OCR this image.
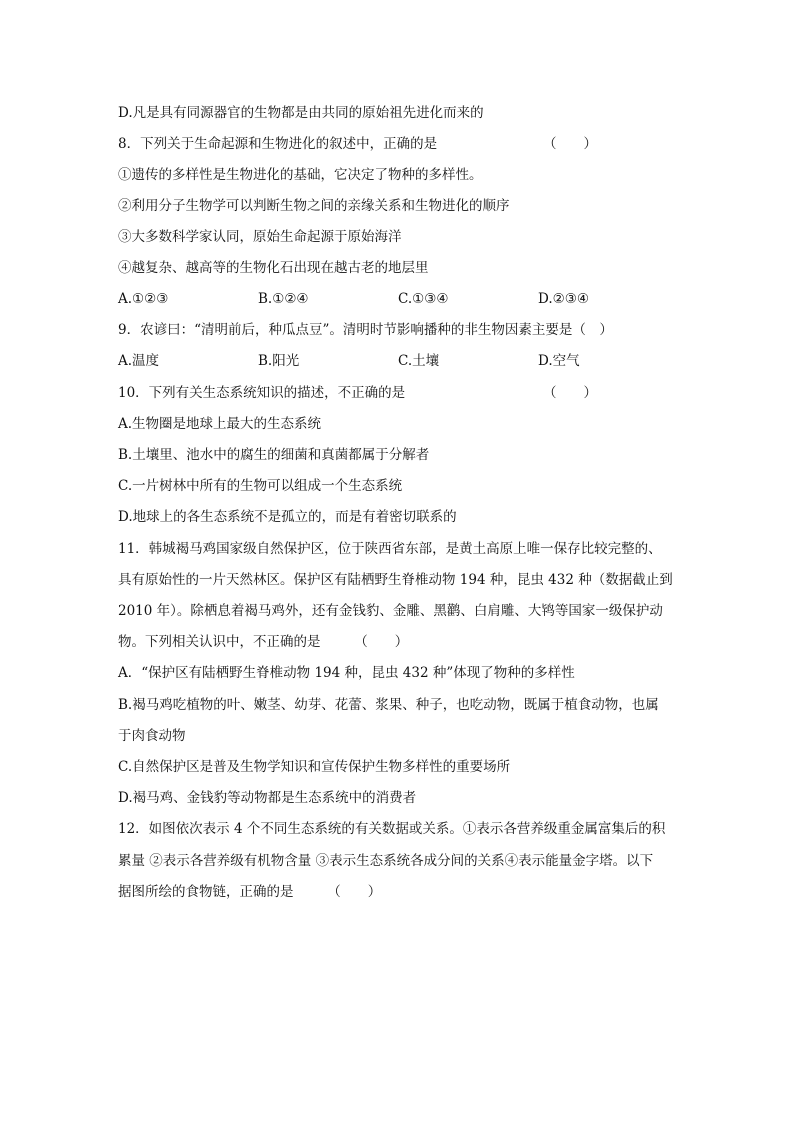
D.凡是具有同源器官的生物都是由共同的原始祖先进化而来的
8．下列关于生命起源和生物进化的叙述中，正确的是	（　　）
①遗传的多样性是生物进化的基础，它决定了物种的多样性。
②利用分子生物学可以判断生物之间的亲缘关系和生物进化的顺序
③大多数科学家认同，原始生命起源于原始海洋
④越复杂、越高等的生物化石出现在越古老的地层里
A.①②③	B.①②④	C.①③④	D.②③④
9．农谚曰：“清明前后，种瓜点豆”。清明时节影响播种的非生物因素主要是（　）
A.温度	B.阳光	C.土壤	D.空气
10．下列有关生态系统知识的描述，不正确的是	（　　）
A.生物圈是地球上最大的生态系统
B.土壤里、池水中的腐生的细菌和真菌都属于分解者
C.一片树林中所有的生物可以组成一个生态系统
D.地球上的各生态系统不是孤立的，而是有着密切联系的
11．韩城褐马鸡国家级自然保护区，位于陕西省东部，是黄土高原上唯一保存比较完整的、
具有原始性的一片天然林区。保护区有陆栖野生脊椎动物 194 种，昆虫 432 种（数据截止到
2010 年）。除栖息着褐马鸡外，还有金钱豹、金雕、黑鹳、白肩雕、大鸨等国家一级保护动
物。下列相关认识中，不正确的是　　　（　　）
A．“保护区有陆栖野生脊椎动物 194 种，昆虫 432 种”体现了物种的多样性
B.褐马鸡吃植物的叶、嫩茎、幼芽、花蕾、浆果、种子，也吃动物，既属于植食动物，也属
于肉食动物
C.自然保护区是普及生物学知识和宣传保护生物多样性的重要场所
D.褐马鸡、金钱豹等动物都是生态系统中的消费者
12．如图依次表示 4 个不同生态系统的有关数据或关系。①表示各营养级重金属富集后的积
累量 ②表示各营养级有机物含量 ③表示生态系统各成分间的关系④表示能量金字塔。以下
据图所绘的食物链，正确的是　　　（　　）
